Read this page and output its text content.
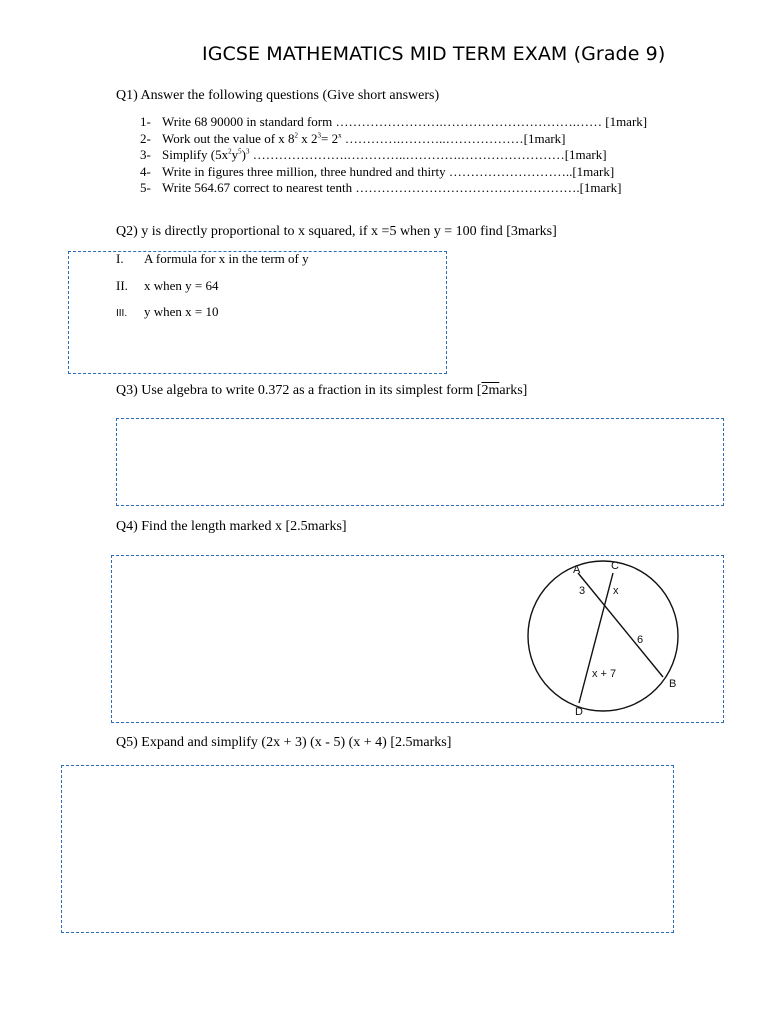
IGCSE MATHEMATICS MID TERM EXAM (Grade 9)
Q1) Answer the following questions (Give short answers)
1- Write 68 90000 in standard form …………………….………………………….…… [1mark]
2- Work out the value of x $8^2$ x $2^3= 2^x$ ………….………..………………[1mark]
3- Simplify $(5x^2y^5)^3$ ………………….…………..………….……………………[1mark]
4- Write in figures three million, three hundred and thirty ………………………..[1mark]
5- Write 564.67 correct to nearest tenth …………………………………………….[1mark]
Q2) y is directly proportional to x squared, if x =5 when y = 100 find [3marks]
I. A formula for x in the term of y
II. x when y = 64
III. y when x = 10
Q3) Use algebra to write 0.372 as a fraction in its simplest form [2marks]
Q4) Find the length marked x [2.5marks]
A	C
B
D
3	x
6
x + 7
Q5) Expand and simplify (2x + 3) (x - 5) (x + 4) [2.5marks]
